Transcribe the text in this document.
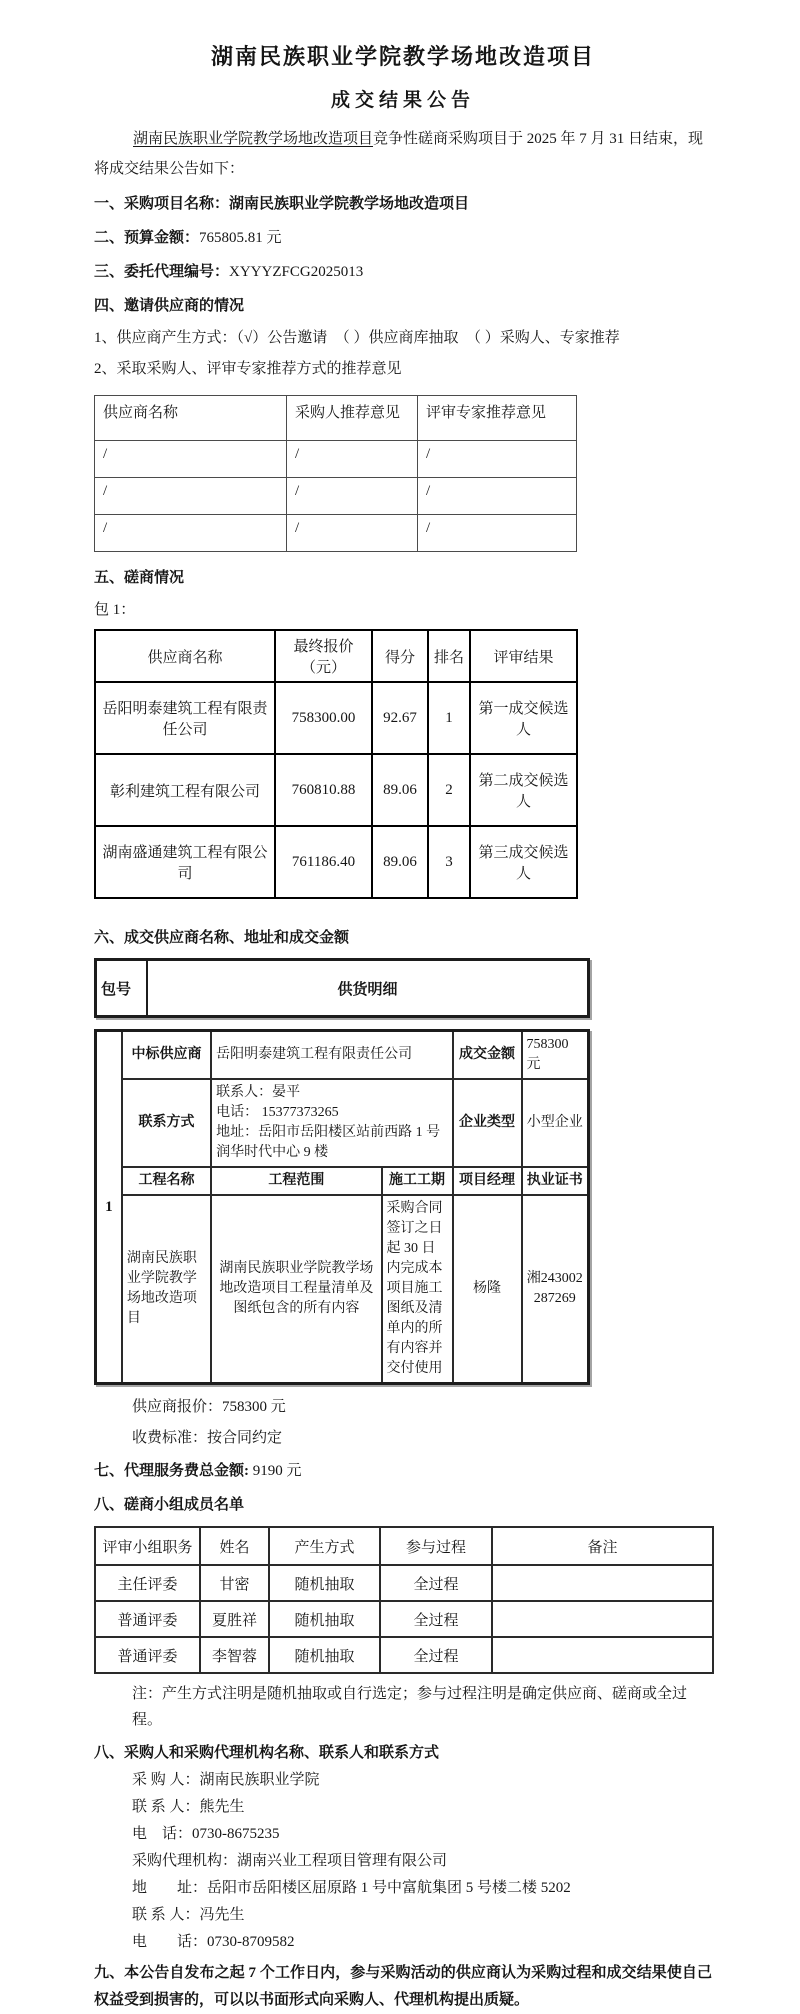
湖南民族职业学院教学场地改造项目

成交结果公告

湖南民族职业学院教学场地改造项目竞争性磋商采购项目于 2025 年 7 月 31 日结束，现将成交结果公告如下：

一、采购项目名称：湖南民族职业学院教学场地改造项目

二、预算金额：765805.81 元

三、委托代理编号：XYYYZFCG2025013

四、邀请供应商的情况

1、供应商产生方式：（√）公告邀请　（ ）供应商库抽取　（ ）采购人、专家推荐

2、采取采购人、评审专家推荐方式的推荐意见

供应商名称	采购人推荐意见	评审专家推荐意见
/	/	/
/	/	/
/	/	/

五、磋商情况

包 1：

供应商名称	最终报价（元）	得分	排名	评审结果
岳阳明泰建筑工程有限责任公司	758300.00	92.67	1	第一成交候选人
彰利建筑工程有限公司	760810.88	89.06	2	第二成交候选人
湖南盛通建筑工程有限公司	761186.40	89.06	3	第三成交候选人

六、成交供应商名称、地址和成交金额

包号	供货明细
1	中标供应商	岳阳明泰建筑工程有限责任公司		成交金额	758300 元
	联系方式	联系人：晏平
电话： 15377373265
地址：岳阳市岳阳楼区站前西路 1 号润华时代中心 9 楼		企业类型	小型企业
	工程名称	工程范围	施工工期	项目经理	执业证书
	湖南民族职业学院教学场地改造项目	湖南民族职业学院教学场地改造项目工程量清单及图纸包含的所有内容	采购合同签订之日起 30 日内完成本项目施工图纸及清单内的所有内容并交付使用	杨隆	湘243002287269

供应商报价：758300 元

收费标准：按合同约定

七、代理服务费总金额: 9190 元

八、磋商小组成员名单

评审小组职务	姓名	产生方式	参与过程	备注
主任评委	甘密	随机抽取	全过程	
普通评委	夏胜祥	随机抽取	全过程	
普通评委	李智蓉	随机抽取	全过程	

注：产生方式注明是随机抽取或自行选定；参与过程注明是确定供应商、磋商或全过程。

八、采购人和采购代理机构名称、联系人和联系方式

采 购 人：湖南民族职业学院

联 系 人：熊先生

电　话：0730-8675235

采购代理机构：湖南兴业工程项目管理有限公司

地　　址：岳阳市岳阳楼区屈原路 1 号中富航集团 5 号楼二楼 5202

联 系 人：冯先生

电　　话：0730-8709582

九、本公告自发布之起 7 个工作日内，参与采购活动的供应商认为采购过程和成交结果使自己权益受到损害的，可以以书面形式向采购人、代理机构提出质疑。
